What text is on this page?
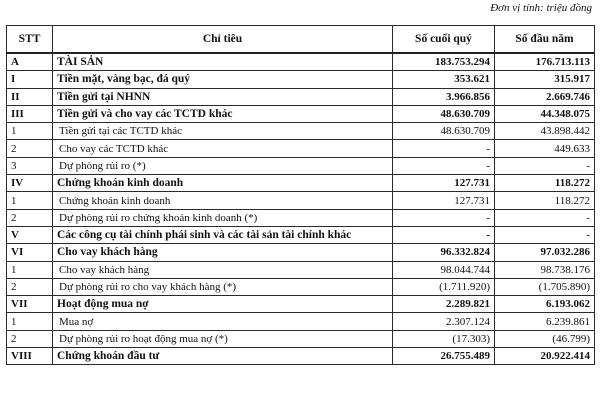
Đơn vị tính: triệu đồng
STT	Chỉ tiêu	Số cuối quý	Số đầu năm
A	TÀI SẢN	183.753.294	176.713.113
I	Tiền mặt, vàng bạc, đá quý	353.621	315.917
II	Tiền gửi tại NHNN	3.966.856	2.669.746
III	Tiền gửi và cho vay các TCTD khác	48.630.709	44.348.075
1	Tiền gửi tại các TCTD khác	48.630.709	43.898.442
2	Cho vay các TCTD khác	-	449.633
3	Dự phòng rủi ro (*)	-	-
IV	Chứng khoán kinh doanh	127.731	118.272
1	Chứng khoán kinh doanh	127.731	118.272
2	Dự phòng rủi ro chứng khoán kinh doanh (*)	-	-
V	Các công cụ tài chính phái sinh và các tài sản tài chính khác	-	-
VI	Cho vay khách hàng	96.332.824	97.032.286
1	Cho vay khách hàng	98.044.744	98.738.176
2	Dự phòng rủi ro cho vay khách hàng (*)	(1.711.920)	(1.705.890)
VII	Hoạt động mua nợ	2.289.821	6.193.062
1	Mua nợ	2.307.124	6.239.861
2	Dự phòng rủi ro hoạt động mua nợ (*)	(17.303)	(46.799)
VIII	Chứng khoán đầu tư	26.755.489	20.922.414
